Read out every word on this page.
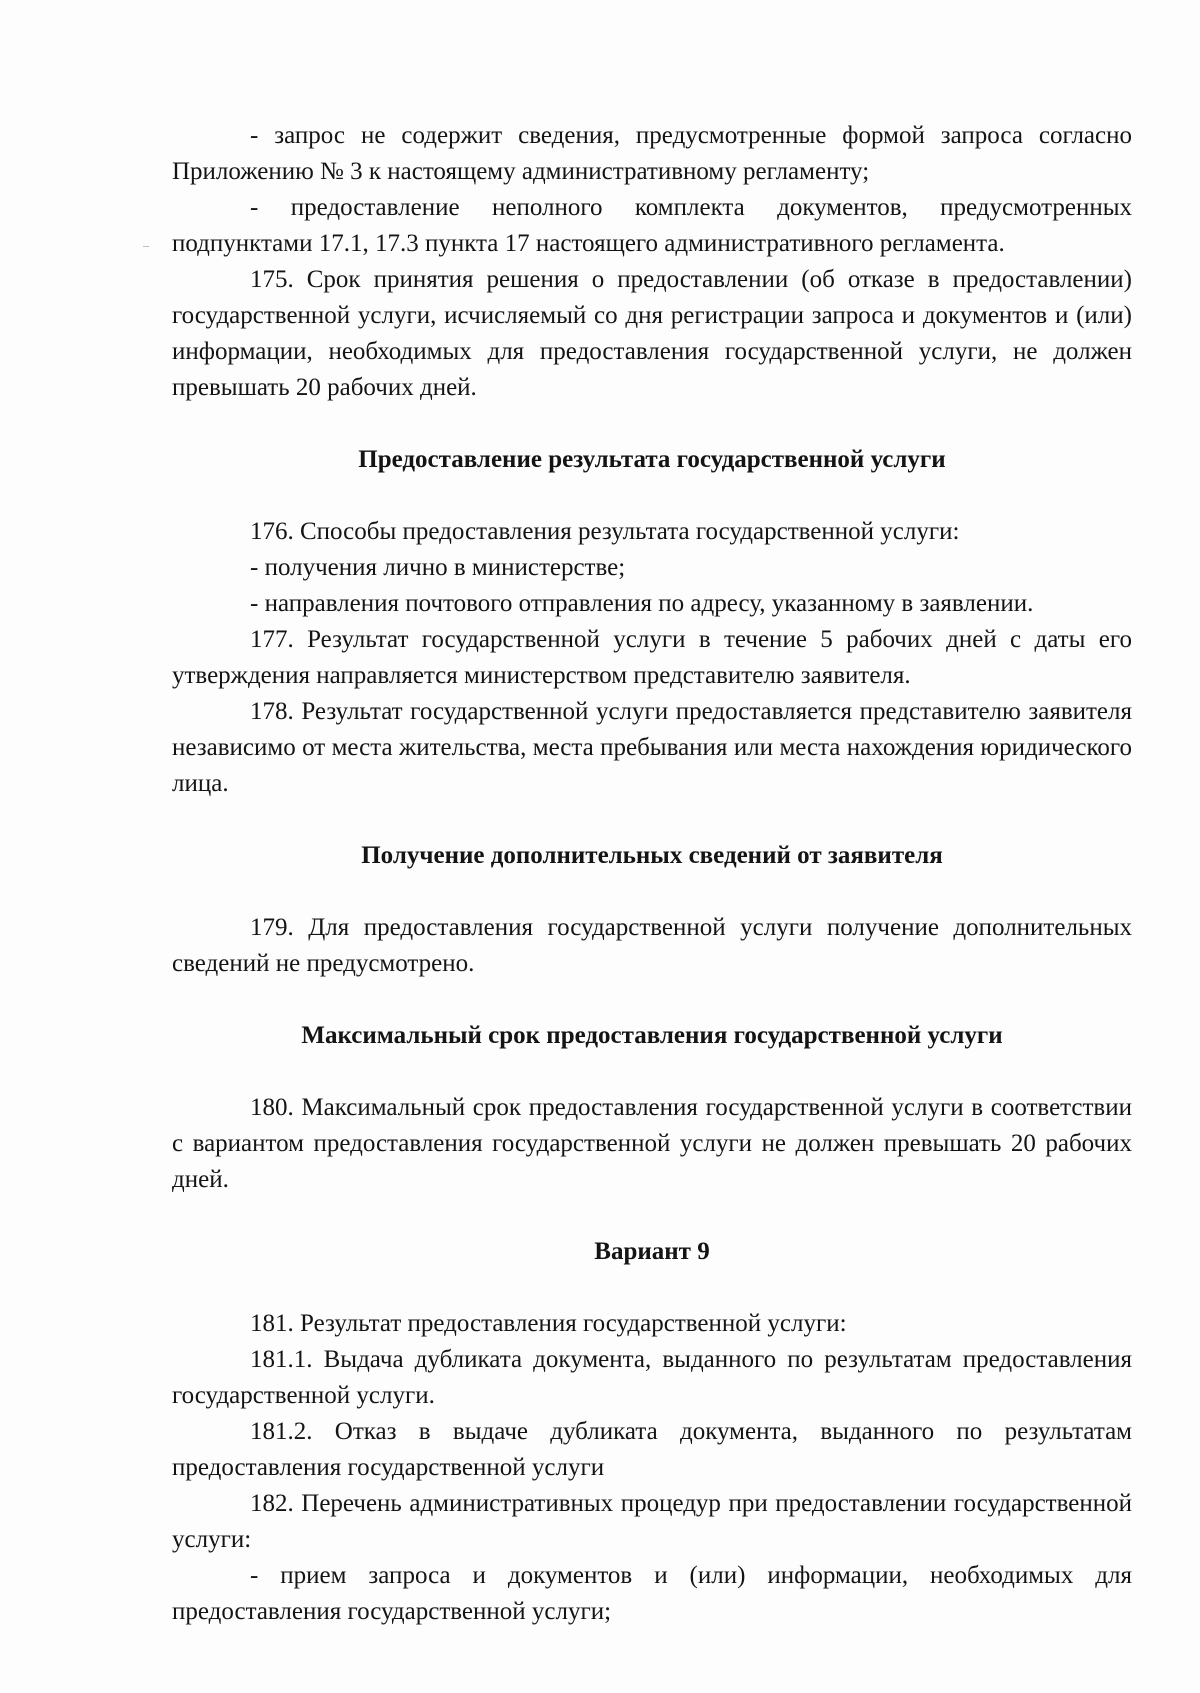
- запрос не содержит сведения, предусмотренные формой запроса согласно Приложению № 3 к настоящему административному регламенту;

- предоставление неполного комплекта документов, предусмотренных подпунктами 17.1, 17.3 пункта 17 настоящего административного регламента.

175. Срок принятия решения о предоставлении (об отказе в предоставлении) государственной услуги, исчисляемый со дня регистрации запроса и документов и (или) информации, необходимых для предоставления государственной услуги, не должен превышать 20 рабочих дней.

Предоставление результата государственной услуги

176. Способы предоставления результата государственной услуги:

- получения лично в министерстве;

- направления почтового отправления по адресу, указанному в заявлении.

177. Результат государственной услуги в течение 5 рабочих дней с даты его утверждения направляется министерством представителю заявителя.

178. Результат государственной услуги предоставляется представителю заявителя независимо от места жительства, места пребывания или места нахождения юридического лица.

Получение дополнительных сведений от заявителя

179. Для предоставления государственной услуги получение дополнительных сведений не предусмотрено.

Максимальный срок предоставления государственной услуги

180. Максимальный срок предоставления государственной услуги в соответствии с вариантом предоставления государственной услуги не должен превышать 20 рабочих дней.

Вариант 9

181. Результат предоставления государственной услуги:

181.1. Выдача дубликата документа, выданного по результатам предоставления государственной услуги.

181.2. Отказ в выдаче дубликата документа, выданного по результатам предоставления государственной услуги

182. Перечень административных процедур при предоставлении государственной услуги:

- прием запроса и документов и (или) информации, необходимых для предоставления государственной услуги;
